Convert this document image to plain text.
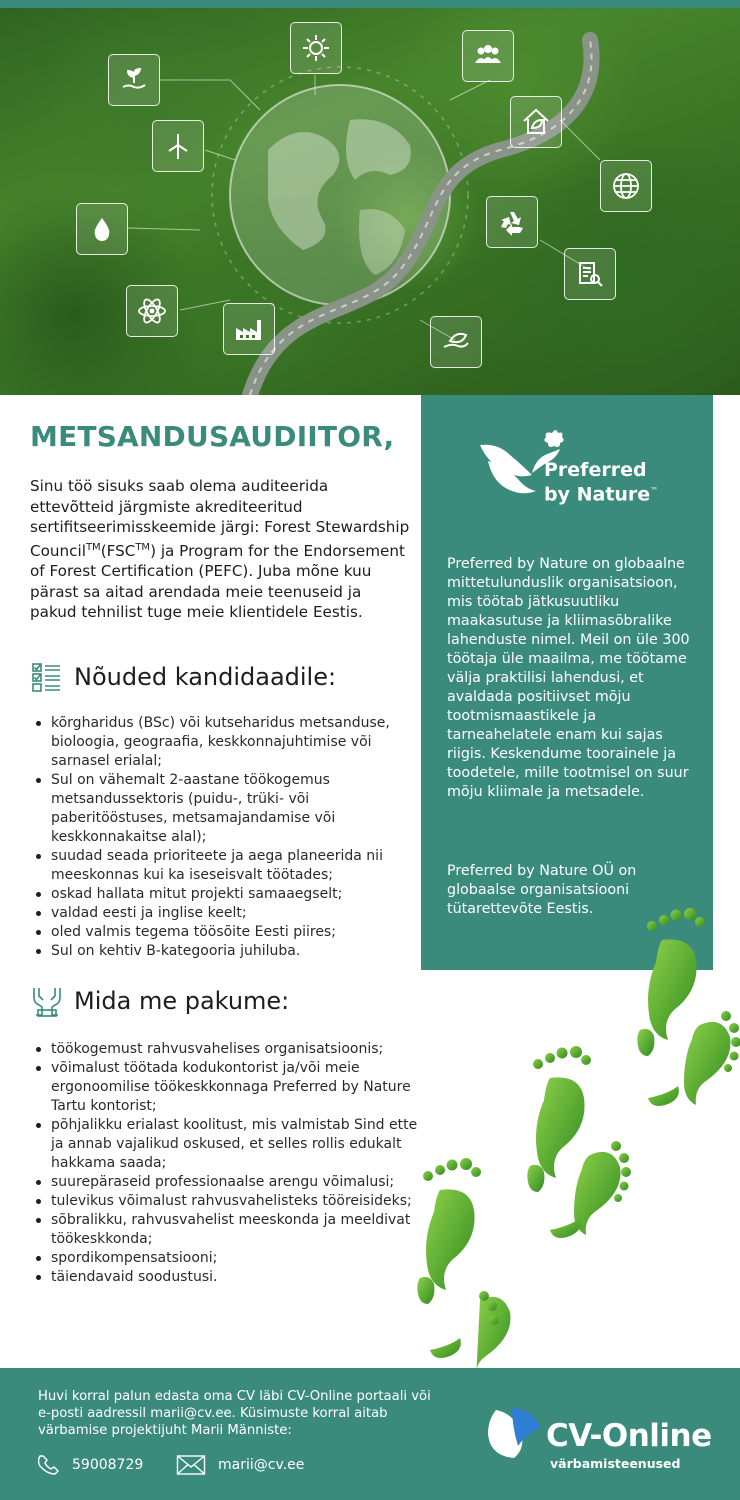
METSANDUSAUDIITOR,

Sinu töö sisuks saab olema auditeerida ettevõtteid järgmiste akrediteeritud sertifitseerimisskeemide järgi: Forest Stewardship Council™(FSC™) ja Program for the Endorsement of Forest Certification (PEFC). Juba mõne kuu pärast sa aitad arendada meie teenuseid ja pakud tehnilist tuge meie klientidele Eestis.

Nõuded kandidaadile:
kõrgharidus (BSc) või kutseharidus metsanduse, bioloogia, geograafia, keskkonnajuhtimise või sarnasel erialal;
Sul on vähemalt 2-aastane töökogemus metsandussektoris (puidu-, trüki- või paberitööstuses, metsamajandamise või keskkonnakaitse alal);
suudad seada prioriteete ja aega planeerida nii meeskonnas kui ka iseseisvalt töötades;
oskad hallata mitut projekti samaaegselt;
valdad eesti ja inglise keelt;
oled valmis tegema töösõite Eesti piires;
Sul on kehtiv B-kategooria juhiluba.
Mida me pakume:
töökogemust rahvusvahelises organisatsioonis;
võimalust töötada kodukontorist ja/või meie ergonoomilise töökeskkonnaga Preferred by Nature Tartu kontorist;
põhjalikku erialast koolitust, mis valmistab Sind ette ja annab vajalikud oskused, et selles rollis edukalt hakkama saada;
suurepäraseid professionaalse arengu võimalusi;
tulevikus võimalust rahvusvahelisteks tööreisideks;
sõbralikku, rahvusvahelist meeskonda ja meeldivat töökeskkonda;
spordikompensatsiooni;
täiendavaid soodustusi.
Preferred
by Nature™

Preferred by Nature on globaalne mittetulunduslik organisatsioon, mis töötab jätkusuutliku maakasutuse ja kliimasõbralike lahenduste nimel. Meil on üle 300 töötaja üle maailma, me töötame välja praktilisi lahendusi, et avaldada positiivset mõju tootmismaastikele ja tarneahelatele enam kui sajas riigis. Keskendume toorainele ja toodetele, mille tootmisel on suur mõju kliimale ja metsadele.

Preferred by Nature OÜ on globaalse organisatsiooni tütarettevõte Eestis.

Huvi korral palun edasta oma CV läbi CV-Online portaali või e-posti aadressil marii@cv.ee. Küsimuste korral aitab värbamise projektijuht Marii Männiste:

59008729	marii@cv.ee
CV-Online
värbamisteenused
